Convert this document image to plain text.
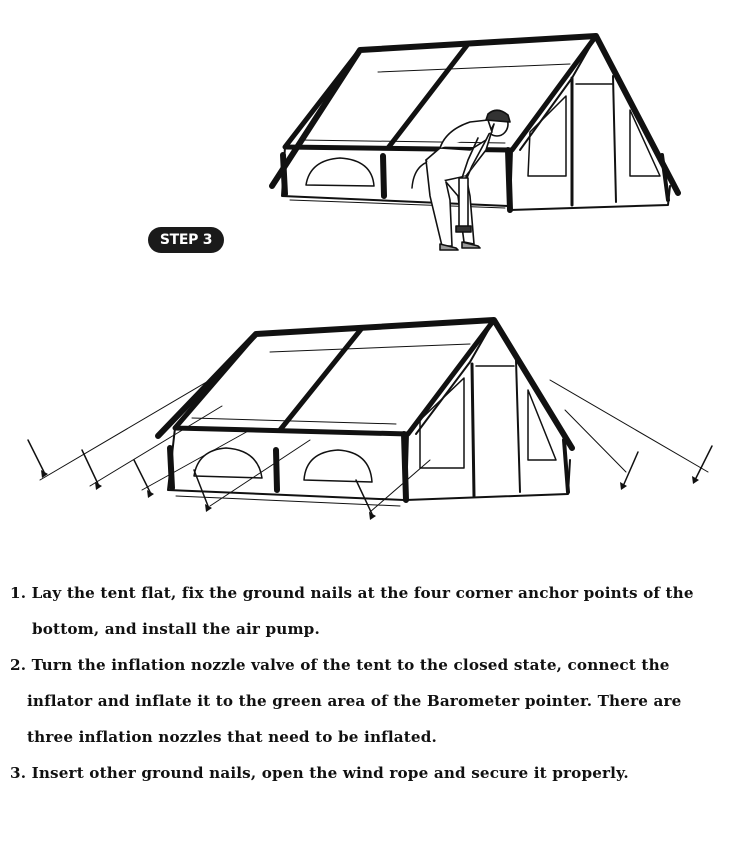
STEP 3
1. Lay the tent flat, fix the ground nails at the four corner anchor points of the
bottom, and install the air pump.
2. Turn the inflation nozzle valve of the tent to the closed state, connect the
inflator and inflate it to the green area of the Barometer pointer. There are
three inflation nozzles that need to be inflated.
3. Insert other ground nails, open the wind rope and secure it properly.
